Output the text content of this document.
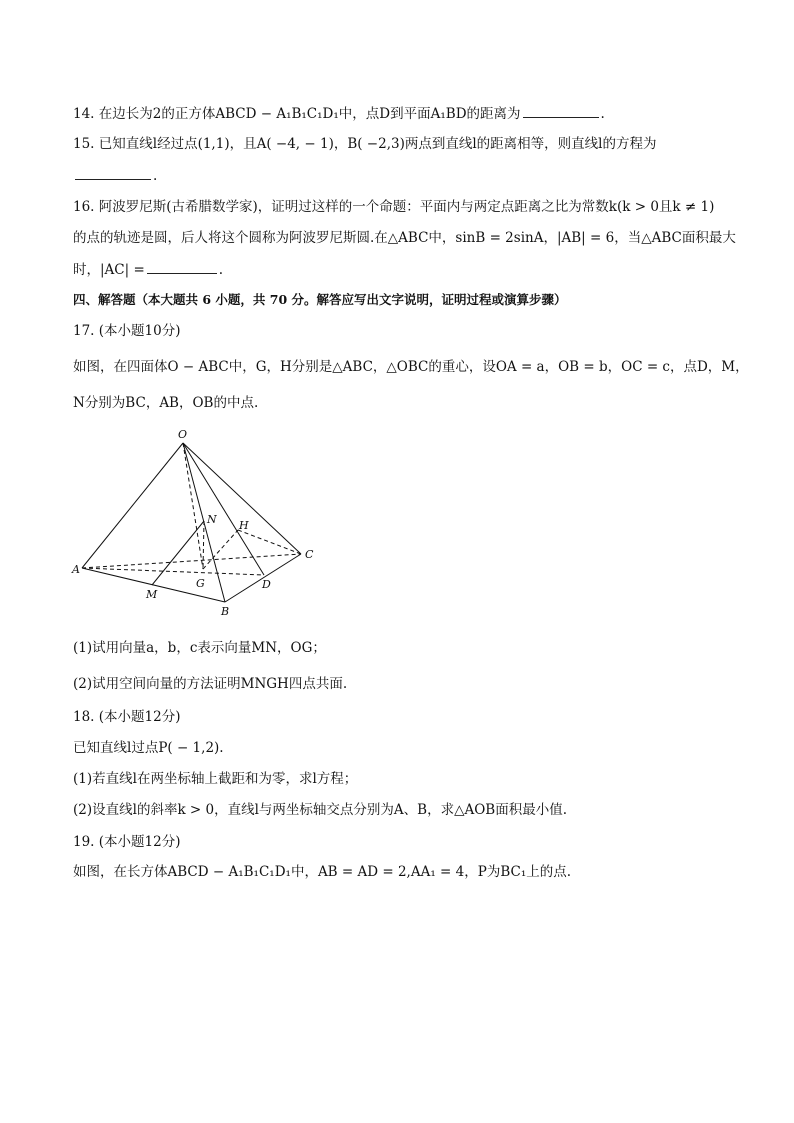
14. 在边长为2的正方体ABCD − A₁B₁C₁D₁中，点D到平面A₁BD的距离为	.
15. 已知直线l经过点(1,1)，且A( −4, − 1)，B( −2,3)两点到直线l的距离相等，则直线l的方程为
.
16. 阿波罗尼斯(古希腊数学家)，证明过这样的一个命题：平面内与两定点距离之比为常数k(k > 0且k ≠ 1)
的点的轨迹是圆，后人将这个圆称为阿波罗尼斯圆.在△ABC中，sinB = 2sinA，|AB| = 6，当△ABC面积最大
时，|AC| =	.
四、解答题（本大题共 6 小题，共 70 分。解答应写出文字说明，证明过程或演算步骤）
17. (本小题10分)
如图，在四面体O − ABC中，G，H分别是△ABC，△OBC的重心，设OA = a，OB = b，OC = c，点D，M，
N分别为BC，AB，OB的中点.
O
A
B
C
D
G
H
M
N
(1)试用向量a，b，c表示向量MN，OG；
(2)试用空间向量的方法证明MNGH四点共面.
18. (本小题12分)
已知直线l过点P( − 1,2).
(1)若直线l在两坐标轴上截距和为零，求l方程；
(2)设直线l的斜率k > 0，直线l与两坐标轴交点分别为A、B，求△AOB面积最小值.
19. (本小题12分)
如图，在长方体ABCD − A₁B₁C₁D₁中，AB = AD = 2,AA₁ = 4，P为BC₁上的点.
